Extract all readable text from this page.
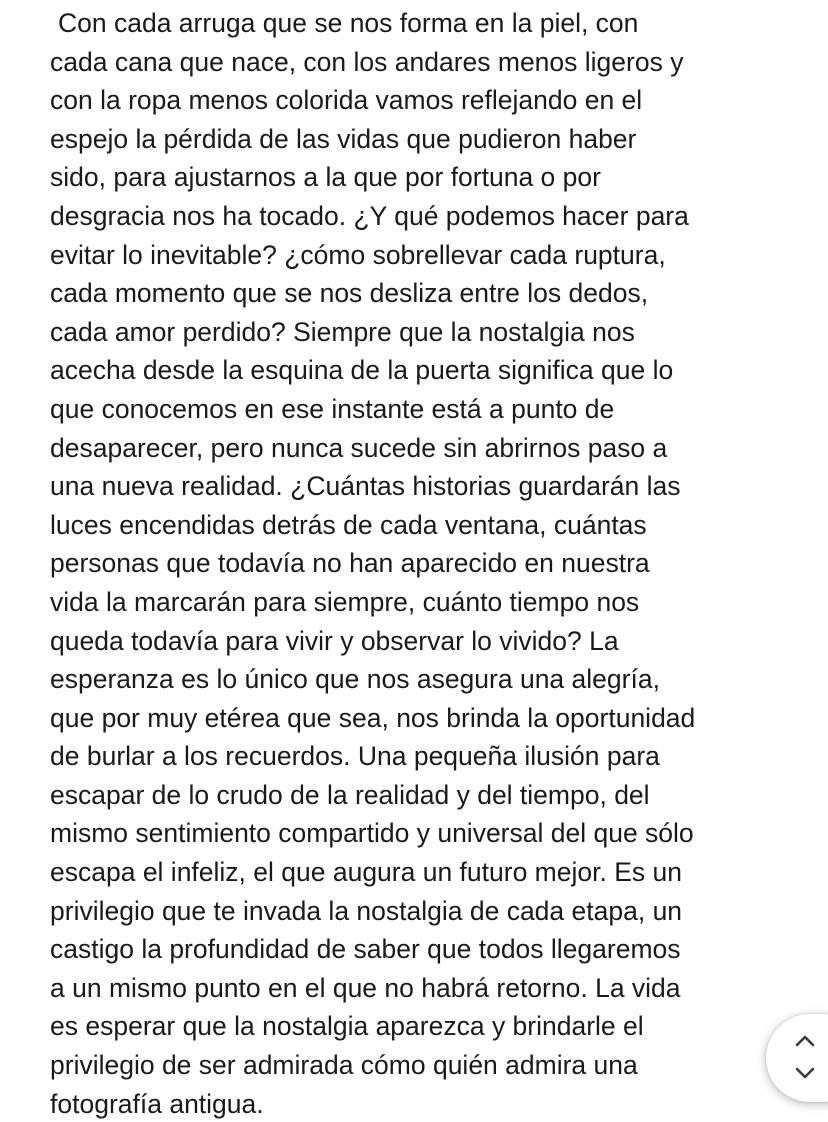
Con cada arruga que se nos forma en la piel, con
cada cana que nace, con los andares menos ligeros y
con la ropa menos colorida vamos reflejando en el
espejo la pérdida de las vidas que pudieron haber
sido, para ajustarnos a la que por fortuna o por
desgracia nos ha tocado. ¿Y qué podemos hacer para
evitar lo inevitable? ¿cómo sobrellevar cada ruptura,
cada momento que se nos desliza entre los dedos,
cada amor perdido? Siempre que la nostalgia nos
acecha desde la esquina de la puerta significa que lo
que conocemos en ese instante está a punto de
desaparecer, pero nunca sucede sin abrirnos paso a
una nueva realidad. ¿Cuántas historias guardarán las
luces encendidas detrás de cada ventana, cuántas
personas que todavía no han aparecido en nuestra
vida la marcarán para siempre, cuánto tiempo nos
queda todavía para vivir y observar lo vivido? La
esperanza es lo único que nos asegura una alegría,
que por muy etérea que sea, nos brinda la oportunidad
de burlar a los recuerdos. Una pequeña ilusión para
escapar de lo crudo de la realidad y del tiempo, del
mismo sentimiento compartido y universal del que sólo
escapa el infeliz, el que augura un futuro mejor. Es un
privilegio que te invada la nostalgia de cada etapa, un
castigo la profundidad de saber que todos llegaremos
a un mismo punto en el que no habrá retorno. La vida
es esperar que la nostalgia aparezca y brindarle el
privilegio de ser admirada cómo quién admira una
fotografía antigua.
